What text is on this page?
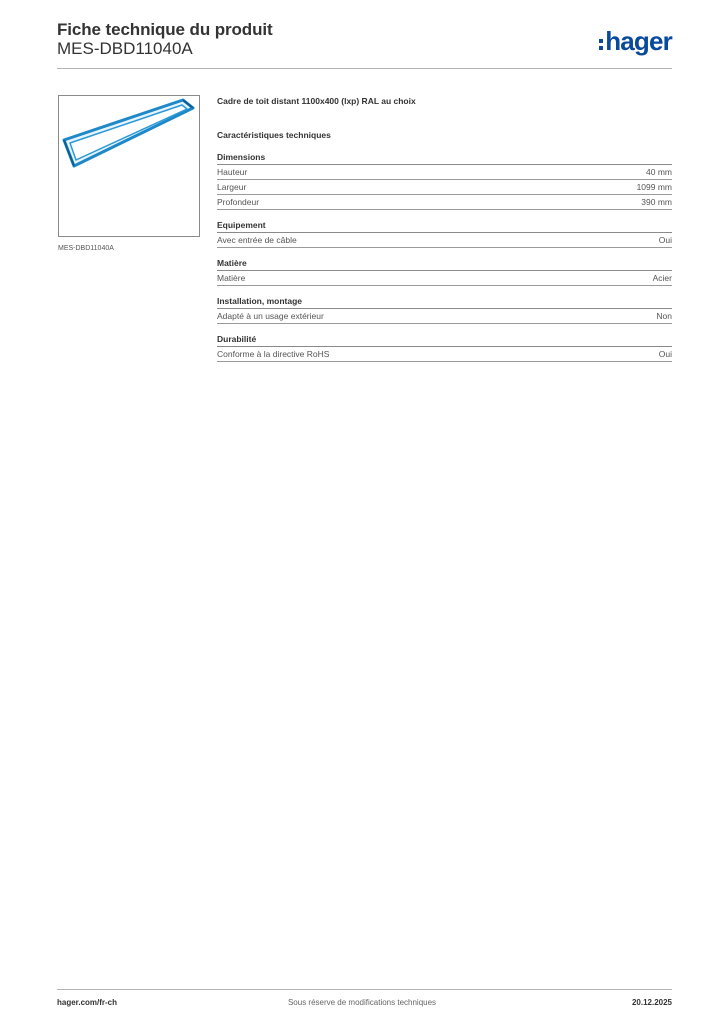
Fiche technique du produit
MES-DBD11040A	hager
MES-DBD11040A
Cadre de toit distant 1100x400 (lxp) RAL au choix
Caractéristiques techniques
Dimensions
Hauteur	40 mm
Largeur	1099 mm
Profondeur	390 mm
Equipement
Avec entrée de câble	Oui
Matière
Matière	Acier
Installation, montage
Adapté à un usage extérieur	Non
Durabilité
Conforme à la directive RoHS	Oui
hager.com/fr-ch	Sous réserve de modifications techniques	20.12.2025
